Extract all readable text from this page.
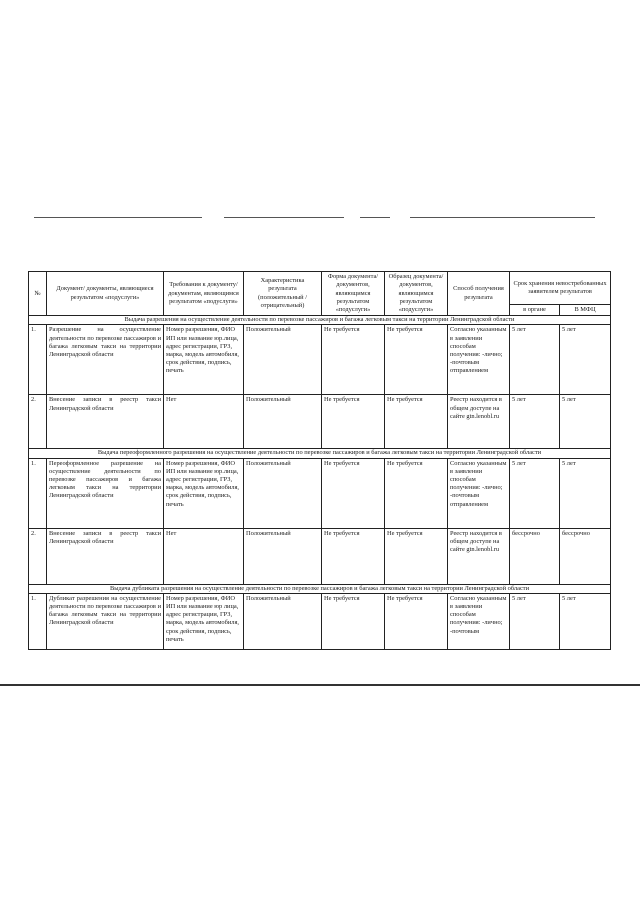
№	Документ/ документы, являющиеся результатом «подуслуги»	Требования к документу/ документам, являющимся результатом «подуслуги»	Характеристика результата (положительный / отрицательный)	Форма документа/ документов, являющимся результатом «подуслуги»	Образец документа/ документов, являющимся результатом «подуслуги»	Способ получения результата	Срок хранения невостребованных заявителем результатов	
							в органе	В МФЦ
Выдача разрешения на осуществление деятельности по перевозке пассажиров и багажа легковым такси на территории Ленинградской области								
1.	Разрешение на осуществление деятельности по перевозке пассажиров и багажа легковым такси на территории Ленинградской области	Номер разрешения, ФИО ИП или название юр.лица, адрес регистрации, ГРЗ, марка, модель автомобиля, срок действия, подпись, печать	Положительный	Не требуется	Не требуется	Согласно указанным в заявлении способам получения: -лично; -почтовым отправлением	5 лет	5 лет
2.	Внесение записи в реестр такси Ленинградской области	Нет	Положительный	Не требуется	Не требуется	Реестр находится в общем доступе на сайте gtn.lenobl.ru	5 лет	5 лет
Выдача переоформленного разрешения на осуществление деятельности по перевозке пассажиров и багажа легковым такси на территории Ленинградской области								
1.	Переоформленное разрешение на осуществление деятельности по перевозке пассажиров и багажа легковым такси на территории Ленинградской области	Номер разрешения, ФИО ИП или название юр.лица, адрес регистрации, ГРЗ, марка, модель автомобиля, срок действия, подпись, печать	Положительный	Не требуется	Не требуется	Согласно указанным в заявлении способам получения: -лично; -почтовым отправлением	5 лет	5 лет
2.	Внесение записи в реестр такси Ленинградской области	Нет	Положительный	Не требуется	Не требуется	Реестр находится в общем доступе на сайте gtn.lenobl.ru	бессрочно	бессрочно
Выдача дубликата разрешения на осуществление деятельности по перевозке пассажиров и багажа легковым такси на территории Ленинградской области								
1.	Дубликат разрешения на осуществление деятельности по перевозке пассажиров и багажа легковым такси на территории Ленинградской области	Номер разрешения, ФИО ИП или название юр лица, адрес регистрации, ГРЗ, марка, модель автомобиля, срок действия, подпись, печать	Положительный	Не требуется	Не требуется	Согласно указанным в заявлении способам получения: -лично; -почтовым	5 лет	5 лет
